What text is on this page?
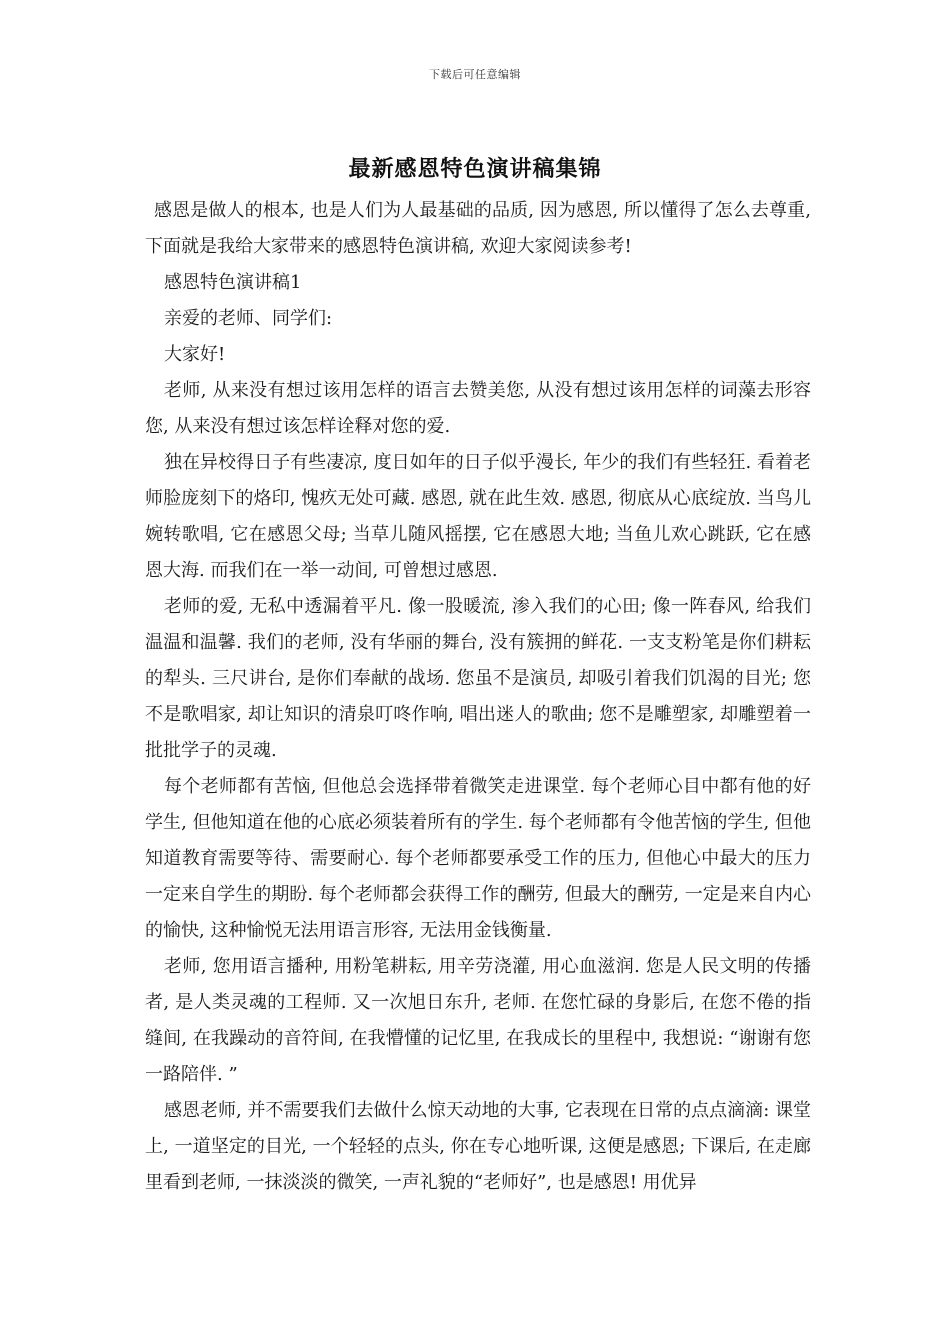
下载后可任意编辑
最新感恩特色演讲稿集锦

感恩是做人的根本, 也是人们为人最基础的品质, 因为感恩, 所以懂得了怎么去尊重, 下面就是我给大家带来的感恩特色演讲稿, 欢迎大家阅读参考!

感恩特色演讲稿1

亲爱的老师、同学们:

大家好!

老师, 从来没有想过该用怎样的语言去赞美您, 从没有想过该用怎样的词藻去形容您, 从来没有想过该怎样诠释对您的爱.

独在异校得日子有些凄凉, 度日如年的日子似乎漫长, 年少的我们有些轻狂. 看着老师脸庞刻下的烙印, 愧疚无处可藏. 感恩, 就在此生效. 感恩, 彻底从心底绽放. 当鸟儿婉转歌唱, 它在感恩父母; 当草儿随风摇摆, 它在感恩大地; 当鱼儿欢心跳跃, 它在感恩大海. 而我们在一举一动间, 可曾想过感恩.

老师的爱, 无私中透漏着平凡. 像一股暖流, 渗入我们的心田; 像一阵春风, 给我们温温和温馨. 我们的老师, 没有华丽的舞台, 没有簇拥的鲜花. 一支支粉笔是你们耕耘的犁头. 三尺讲台, 是你们奉献的战场. 您虽不是演员, 却吸引着我们饥渴的目光; 您不是歌唱家, 却让知识的清泉叮咚作响, 唱出迷人的歌曲; 您不是雕塑家, 却雕塑着一批批学子的灵魂.

每个老师都有苦恼, 但他总会选择带着微笑走进课堂. 每个老师心目中都有他的好学生, 但他知道在他的心底必须装着所有的学生. 每个老师都有令他苦恼的学生, 但他知道教育需要等待、需要耐心. 每个老师都要承受工作的压力, 但他心中最大的压力一定来自学生的期盼. 每个老师都会获得工作的酬劳, 但最大的酬劳, 一定是来自内心的愉快, 这种愉悦无法用语言形容, 无法用金钱衡量.

老师, 您用语言播种, 用粉笔耕耘, 用辛劳浇灌, 用心血滋润. 您是人民文明的传播者, 是人类灵魂的工程师. 又一次旭日东升, 老师. 在您忙碌的身影后, 在您不倦的指缝间, 在我躁动的音符间, 在我懵懂的记忆里, 在我成长的里程中, 我想说: “谢谢有您一路陪伴. ”

感恩老师, 并不需要我们去做什么惊天动地的大事, 它表现在日常的点点滴滴: 课堂上, 一道坚定的目光, 一个轻轻的点头, 你在专心地听课, 这便是感恩; 下课后, 在走廊里看到老师, 一抹淡淡的微笑, 一声礼貌的“老师好”, 也是感恩! 用优异
